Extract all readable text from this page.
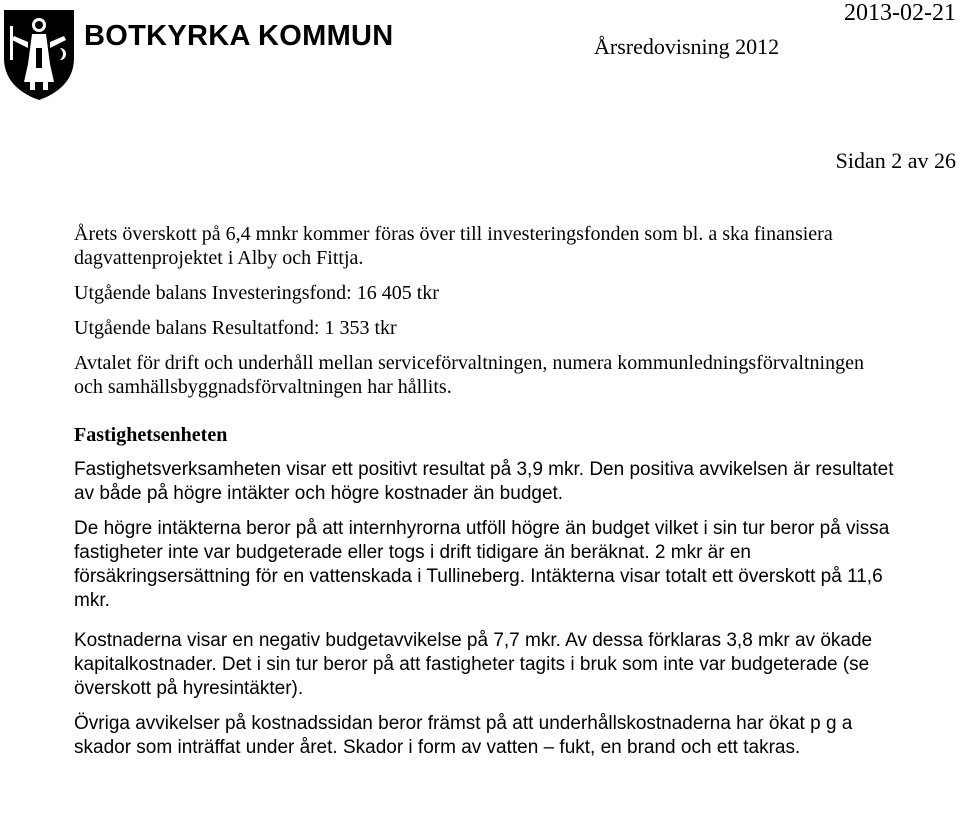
BOTKYRKA KOMMUN	Årsredovisning 2012
2013-02-21
Sidan 2 av 26

Årets överskott på 6,4 mnkr kommer föras över till investeringsfonden som bl. a ska finansiera dagvattenprojektet i Alby och Fittja.

Utgående balans Investeringsfond: 16 405 tkr

Utgående balans Resultatfond: 1 353 tkr

Avtalet för drift och underhåll mellan serviceförvaltningen, numera kommunledningsförvaltningen och samhällsbyggnadsförvaltningen har hållits.

Fastighetsenheten

Fastighetsverksamheten visar ett positivt resultat på 3,9 mkr. Den positiva avvikelsen är resultatet av både på högre intäkter och högre kostnader än budget.

De högre intäkterna beror på att internhyrorna utföll högre än budget vilket i sin tur beror på vissa fastigheter inte var budgeterade eller togs i drift tidigare än beräknat. 2 mkr är en försäkringsersättning för en vattenskada i Tullineberg. Intäkterna visar totalt ett överskott på 11,6 mkr.

Kostnaderna visar en negativ budgetavvikelse på 7,7 mkr. Av dessa förklaras 3,8 mkr av ökade kapitalkostnader. Det i sin tur beror på att fastigheter tagits i bruk som inte var budgeterade (se överskott på hyresintäkter).

Övriga avvikelser på kostnadssidan beror främst på att underhållskostnaderna har ökat p g a skador som inträffat under året. Skador i form av vatten – fukt, en brand och ett takras.
